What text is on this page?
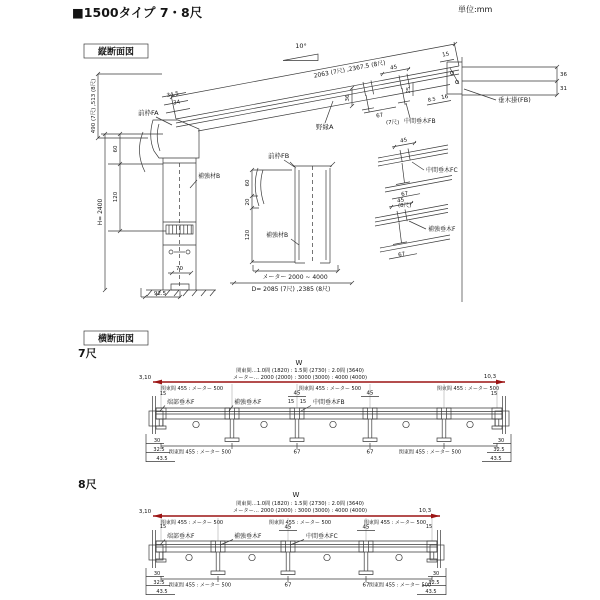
■1500タイプ 7・8尺	単位:mm
縦断面図
10°
2063 (7尺) ,2367.5 (8尺)
490 (7尺) ,513 (8尺)	34.5
34
前枠FA
野縁A
H= 2400
60
120
補強材B
70
92.5
前枠FB
60
20
120	補強材B
メーター 2000 ~ 4000
D= 2085 (7尺) ,2385 (8尺)
45
36
67
25
(7尺) 中間垂木FB
15
8.5 16	垂木掛(FB)
36
31
45
67
(8尺)
中間垂木FC
45
67
補強垂木F
横断面図
7尺
W
関東間…1.0間 (1820) : 1.5間 (2730) : 2.0間 (3640)
メーター… 2000 (2000) : 3000 (3000) : 4000 (4000)
3,10	10,3
関東間 455 : メーター 500	関東間 455 : メーター 500	関東間 455 : メーター 500
15	15
45	45
15 15
端部垂木F	補強垂木F	中間垂木FB
67	67
関東間 455 : メーター 500	関東間 455 : メーター 500
30
32.5
43.5
30
32.5
43.5
8尺
W
関東間…1.0間 (1820) : 1.5間 (2730) : 2.0間 (3640)
メーター… 2000 (2000) : 3000 (3000) : 4000 (4000)
3,10	10,3
関東間 455 : メーター 500	関東間 455 : メーター 500	関東間 455 : メーター 500
15	15
45	45
端部垂木F	補強垂木F	中間垂木FC
67	67
関東間 455 : メーター 500	関東間 455 : メーター 500
30
32.5
43.5
30
32.5
43.5
